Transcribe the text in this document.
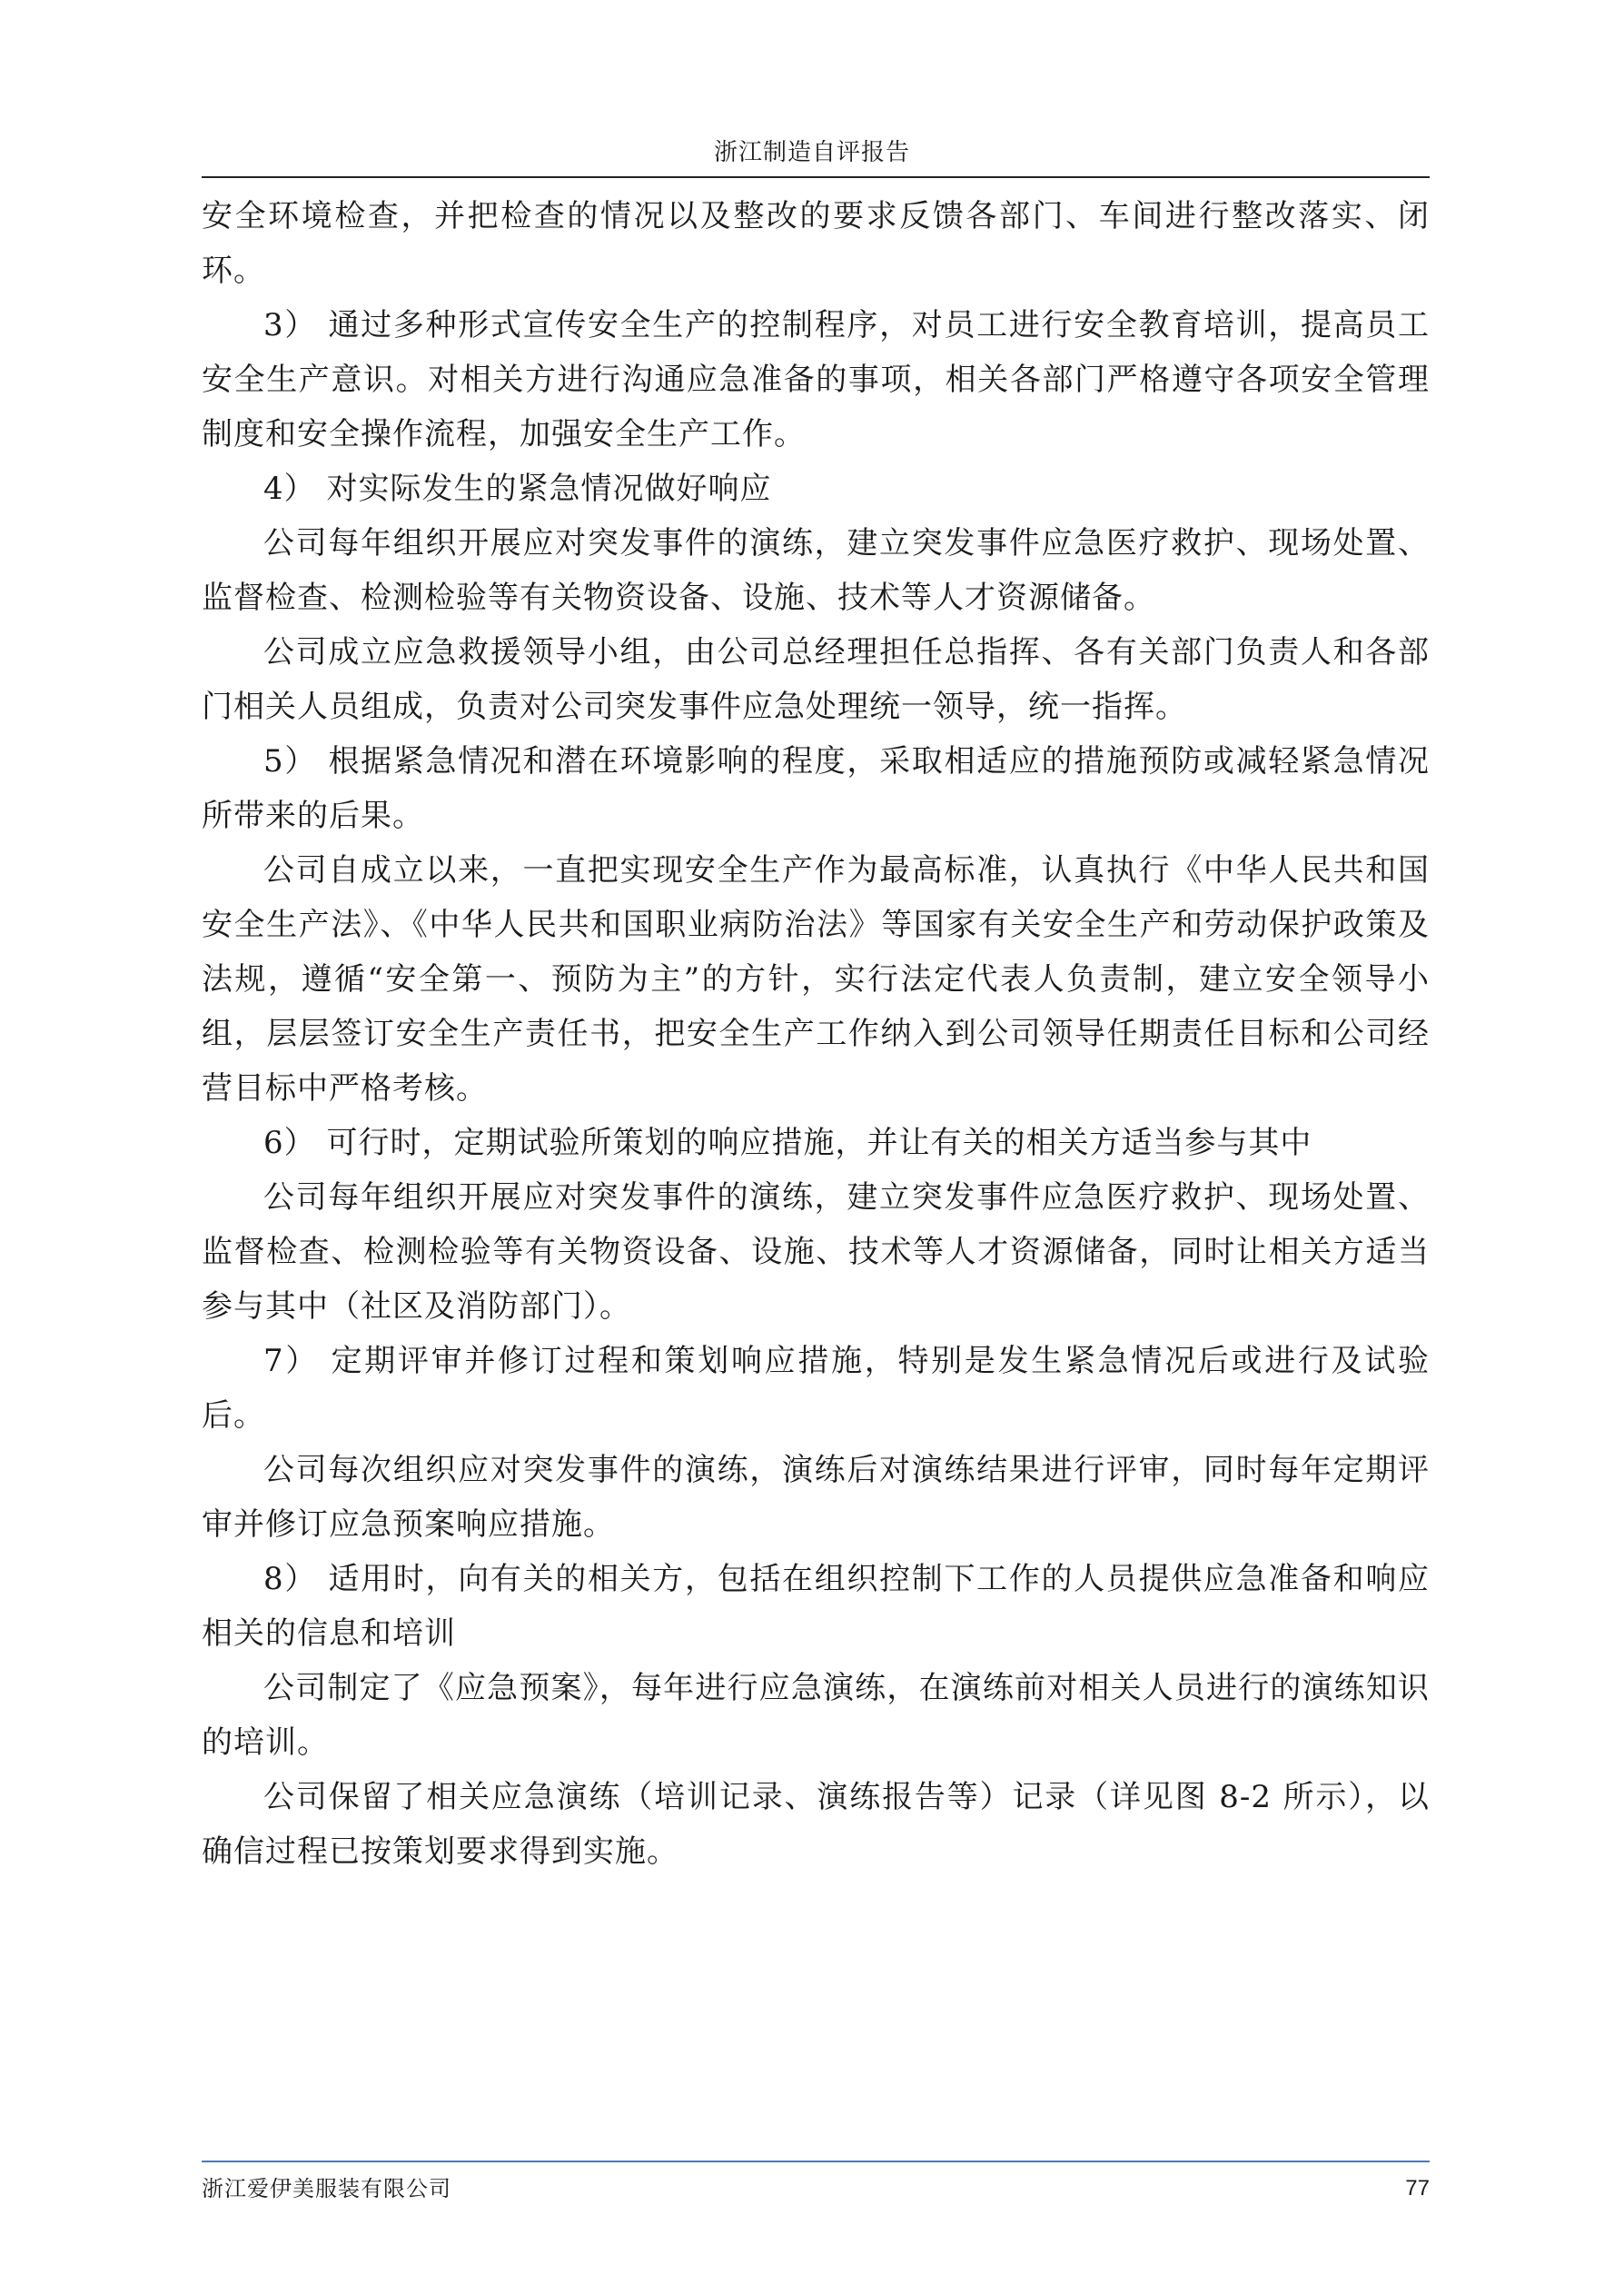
浙江制造自评报告

安全环境检查，并把检查的情况以及整改的要求反馈各部门、车间进行整改落实、闭环。

3） 通过多种形式宣传安全生产的控制程序，对员工进行安全教育培训，提高员工安全生产意识。对相关方进行沟通应急准备的事项，相关各部门严格遵守各项安全管理制度和安全操作流程，加强安全生产工作。

4） 对实际发生的紧急情况做好响应

公司每年组织开展应对突发事件的演练，建立突发事件应急医疗救护、现场处置、监督检查、检测检验等有关物资设备、设施、技术等人才资源储备。

公司成立应急救援领导小组，由公司总经理担任总指挥、各有关部门负责人和各部门相关人员组成，负责对公司突发事件应急处理统一领导，统一指挥。

5） 根据紧急情况和潜在环境影响的程度，采取相适应的措施预防或减轻紧急情况所带来的后果。

公司自成立以来，一直把实现安全生产作为最高标准，认真执行《中华人民共和国安全生产法》、《中华人民共和国职业病防治法》等国家有关安全生产和劳动保护政策及法规，遵循“安全第一、预防为主”的方针，实行法定代表人负责制，建立安全领导小组，层层签订安全生产责任书，把安全生产工作纳入到公司领导任期责任目标和公司经营目标中严格考核。

6） 可行时，定期试验所策划的响应措施，并让有关的相关方适当参与其中

公司每年组织开展应对突发事件的演练，建立突发事件应急医疗救护、现场处置、监督检查、检测检验等有关物资设备、设施、技术等人才资源储备，同时让相关方适当参与其中（社区及消防部门）。

7） 定期评审并修订过程和策划响应措施，特别是发生紧急情况后或进行及试验后。

公司每次组织应对突发事件的演练，演练后对演练结果进行评审，同时每年定期评审并修订应急预案响应措施。

8） 适用时，向有关的相关方，包括在组织控制下工作的人员提供应急准备和响应相关的信息和培训

公司制定了《应急预案》，每年进行应急演练，在演练前对相关人员进行的演练知识的培训。

公司保留了相关应急演练（培训记录、演练报告等）记录（详见图 8-2 所示），以确信过程已按策划要求得到实施。

浙江爱伊美服装有限公司	77
